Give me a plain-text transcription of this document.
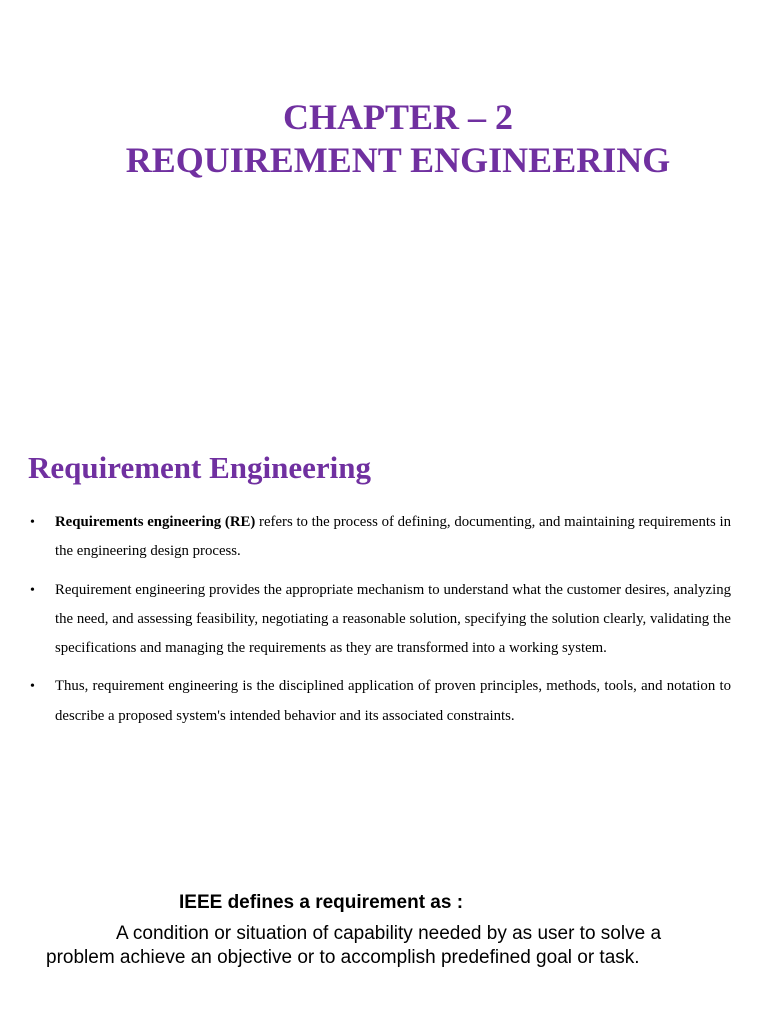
CHAPTER – 2
REQUIREMENT ENGINEERING
Requirement Engineering
• Requirements engineering (RE) refers to the process of defining, documenting, and maintaining requirements in the engineering design process.
• Requirement engineering provides the appropriate mechanism to understand what the customer desires, analyzing the need, and assessing feasibility, negotiating a reasonable solution, specifying the solution clearly, validating the specifications and managing the requirements as they are transformed into a working system.
• Thus, requirement engineering is the disciplined application of proven principles, methods, tools, and notation to describe a proposed system's intended behavior and its associated constraints.
IEEE defines a requirement as :

A condition or situation of capability needed by as user to solve a problem achieve an objective or to accomplish predefined goal or task.
